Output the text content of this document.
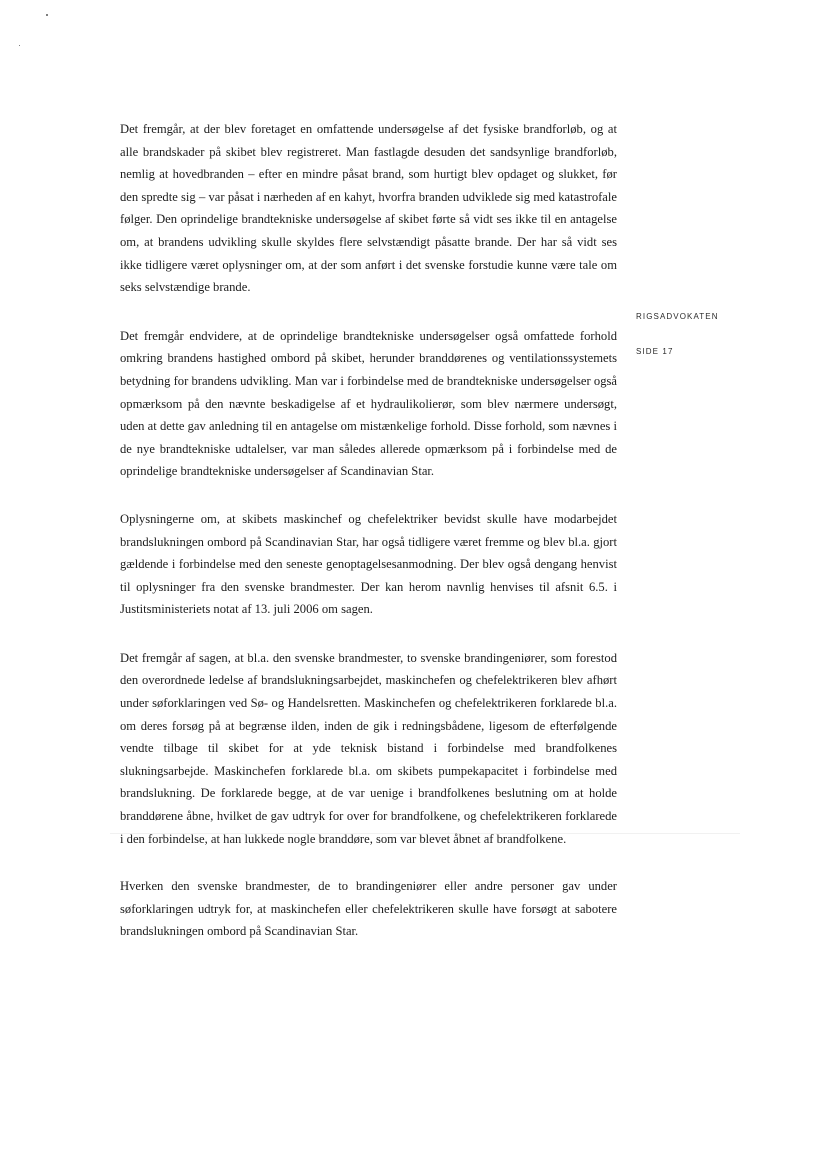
RIGSADVOKATEN
SIDE 17

Det fremgår, at der blev foretaget en omfattende undersøgelse af det fysiske brandforløb, og at alle brandskader på skibet blev registreret. Man fastlagde desuden det sandsynlige brandforløb, nemlig at hovedbranden – efter en mindre påsat brand, som hurtigt blev opdaget og slukket, før den spredte sig – var påsat i nærheden af en kahyt, hvorfra branden udviklede sig med katastrofale følger. Den oprindelige brandtekniske undersøgelse af skibet førte så vidt ses ikke til en antagelse om, at brandens udvikling skulle skyldes flere selvstændigt påsatte brande. Der har så vidt ses ikke tidligere været oplysninger om, at der som anført i det svenske forstudie kunne være tale om seks selvstændige brande.

Det fremgår endvidere, at de oprindelige brandtekniske undersøgelser også omfattede forhold omkring brandens hastighed ombord på skibet, herunder branddørenes og ventilationssystemets betydning for brandens udvikling. Man var i forbindelse med de brandtekniske undersøgelser også opmærksom på den nævnte beskadigelse af et hydraulikolierør, som blev nærmere undersøgt, uden at dette gav anledning til en antagelse om mistænkelige forhold. Disse forhold, som nævnes i de nye brandtekniske udtalelser, var man således allerede opmærksom på i forbindelse med de oprindelige brandtekniske undersøgelser af Scandinavian Star.

Oplysningerne om, at skibets maskinchef og chefelektriker bevidst skulle have modarbejdet brandslukningen ombord på Scandinavian Star, har også tidligere været fremme og blev bl.a. gjort gældende i forbindelse med den seneste genoptagelsesanmodning. Der blev også dengang henvist til oplysninger fra den svenske brandmester. Der kan herom navnlig henvises til afsnit 6.5. i Justitsministeriets notat af 13. juli 2006 om sagen.

Det fremgår af sagen, at bl.a. den svenske brandmester, to svenske brandingeniører, som forestod den overordnede ledelse af brandslukningsarbejdet, maskinchefen og chefelektrikeren blev afhørt under søforklaringen ved Sø- og Handelsretten. Maskinchefen og chefelektrikeren forklarede bl.a. om deres forsøg på at begrænse ilden, inden de gik i redningsbådene, ligesom de efterfølgende vendte tilbage til skibet for at yde teknisk bistand i forbindelse med brandfolkenes slukningsarbejde. Maskinchefen forklarede bl.a. om skibets pumpekapacitet i forbindelse med brandslukning. De forklarede begge, at de var uenige i brandfolkenes beslutning om at holde branddørene åbne, hvilket de gav udtryk for over for brandfolkene, og chefelektrikeren forklarede i den forbindelse, at han lukkede nogle branddøre, som var blevet åbnet af brandfolkene.

Hverken den svenske brandmester, de to brandingeniører eller andre personer gav under søforklaringen udtryk for, at maskinchefen eller chefelektrikeren skulle have forsøgt at sabotere brandslukningen ombord på Scandinavian Star.
